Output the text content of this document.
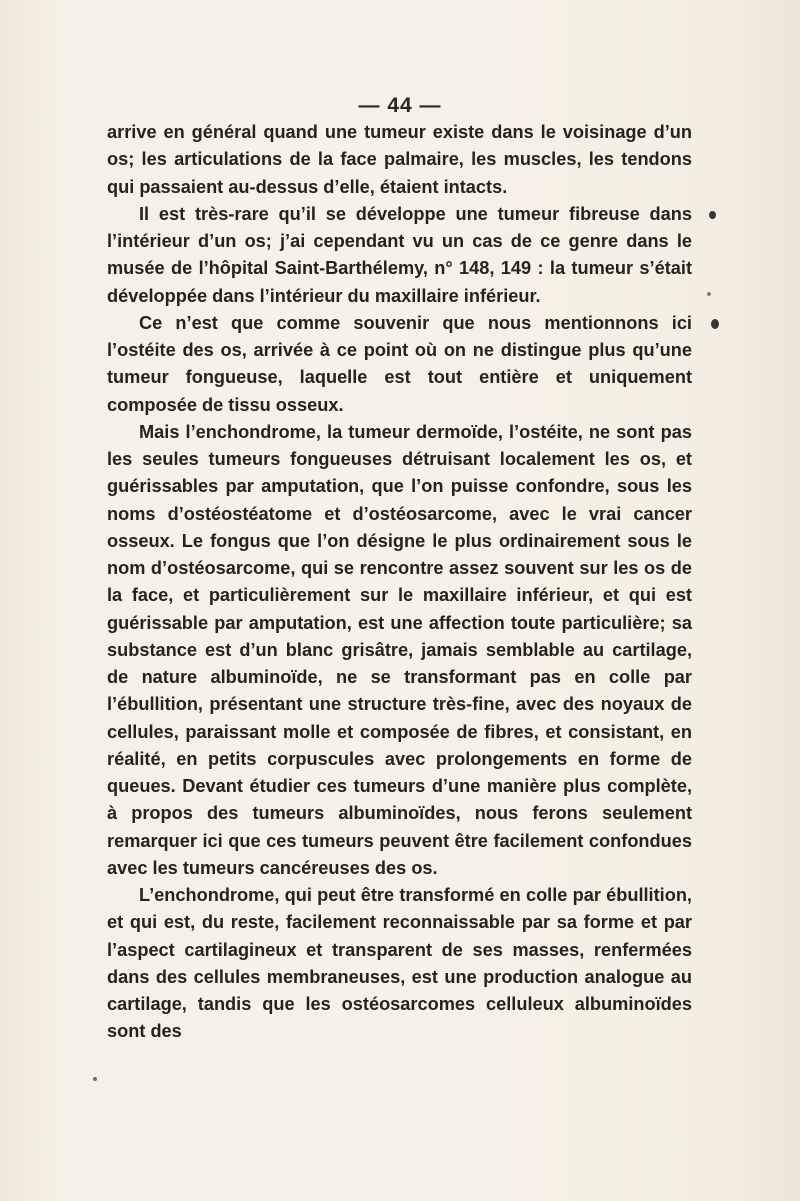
— 44 —

arrive en général quand une tumeur existe dans le voisinage d’un os; les articulations de la face palmaire, les muscles, les tendons qui passaient au-dessus d’elle, étaient intacts.

Il est très-rare qu’il se développe une tumeur fibreuse dans l’intérieur d’un os; j’ai cependant vu un cas de ce genre dans le musée de l’hôpital Saint-Barthélemy, n° 148, 149 : la tumeur s’était développée dans l’intérieur du maxillaire inférieur.

Ce n’est que comme souvenir que nous mentionnons ici l’ostéite des os, arrivée à ce point où on ne distingue plus qu’une tumeur fongueuse, laquelle est tout entière et uniquement composée de tissu osseux.

Mais l’enchondrome, la tumeur dermoïde, l’ostéite, ne sont pas les seules tumeurs fongueuses détruisant localement les os, et guérissables par amputation, que l’on puisse confondre, sous les noms d’ostéostéatome et d’ostéosarcome, avec le vrai cancer osseux. Le fongus que l’on désigne le plus ordinairement sous le nom d’ostéosarcome, qui se rencontre assez souvent sur les os de la face, et particulièrement sur le maxillaire inférieur, et qui est guérissable par amputation, est une affection toute particulière; sa substance est d’un blanc grisâtre, jamais semblable au cartilage, de nature albuminoïde, ne se transformant pas en colle par l’ébullition, présentant une structure très-fine, avec des noyaux de cellules, paraissant molle et composée de fibres, et consistant, en réalité, en petits corpuscules avec prolongements en forme de queues. Devant étudier ces tumeurs d’une manière plus complète, à propos des tumeurs albuminoïdes, nous ferons seulement remarquer ici que ces tumeurs peuvent être facilement confondues avec les tumeurs cancéreuses des os.

L’enchondrome, qui peut être transformé en colle par ébullition, et qui est, du reste, facilement reconnaissable par sa forme et par l’aspect cartilagineux et transparent de ses masses, renfermées dans des cellules membraneuses, est une production analogue au cartilage, tandis que les ostéosarcomes celluleux albuminoïdes sont des
